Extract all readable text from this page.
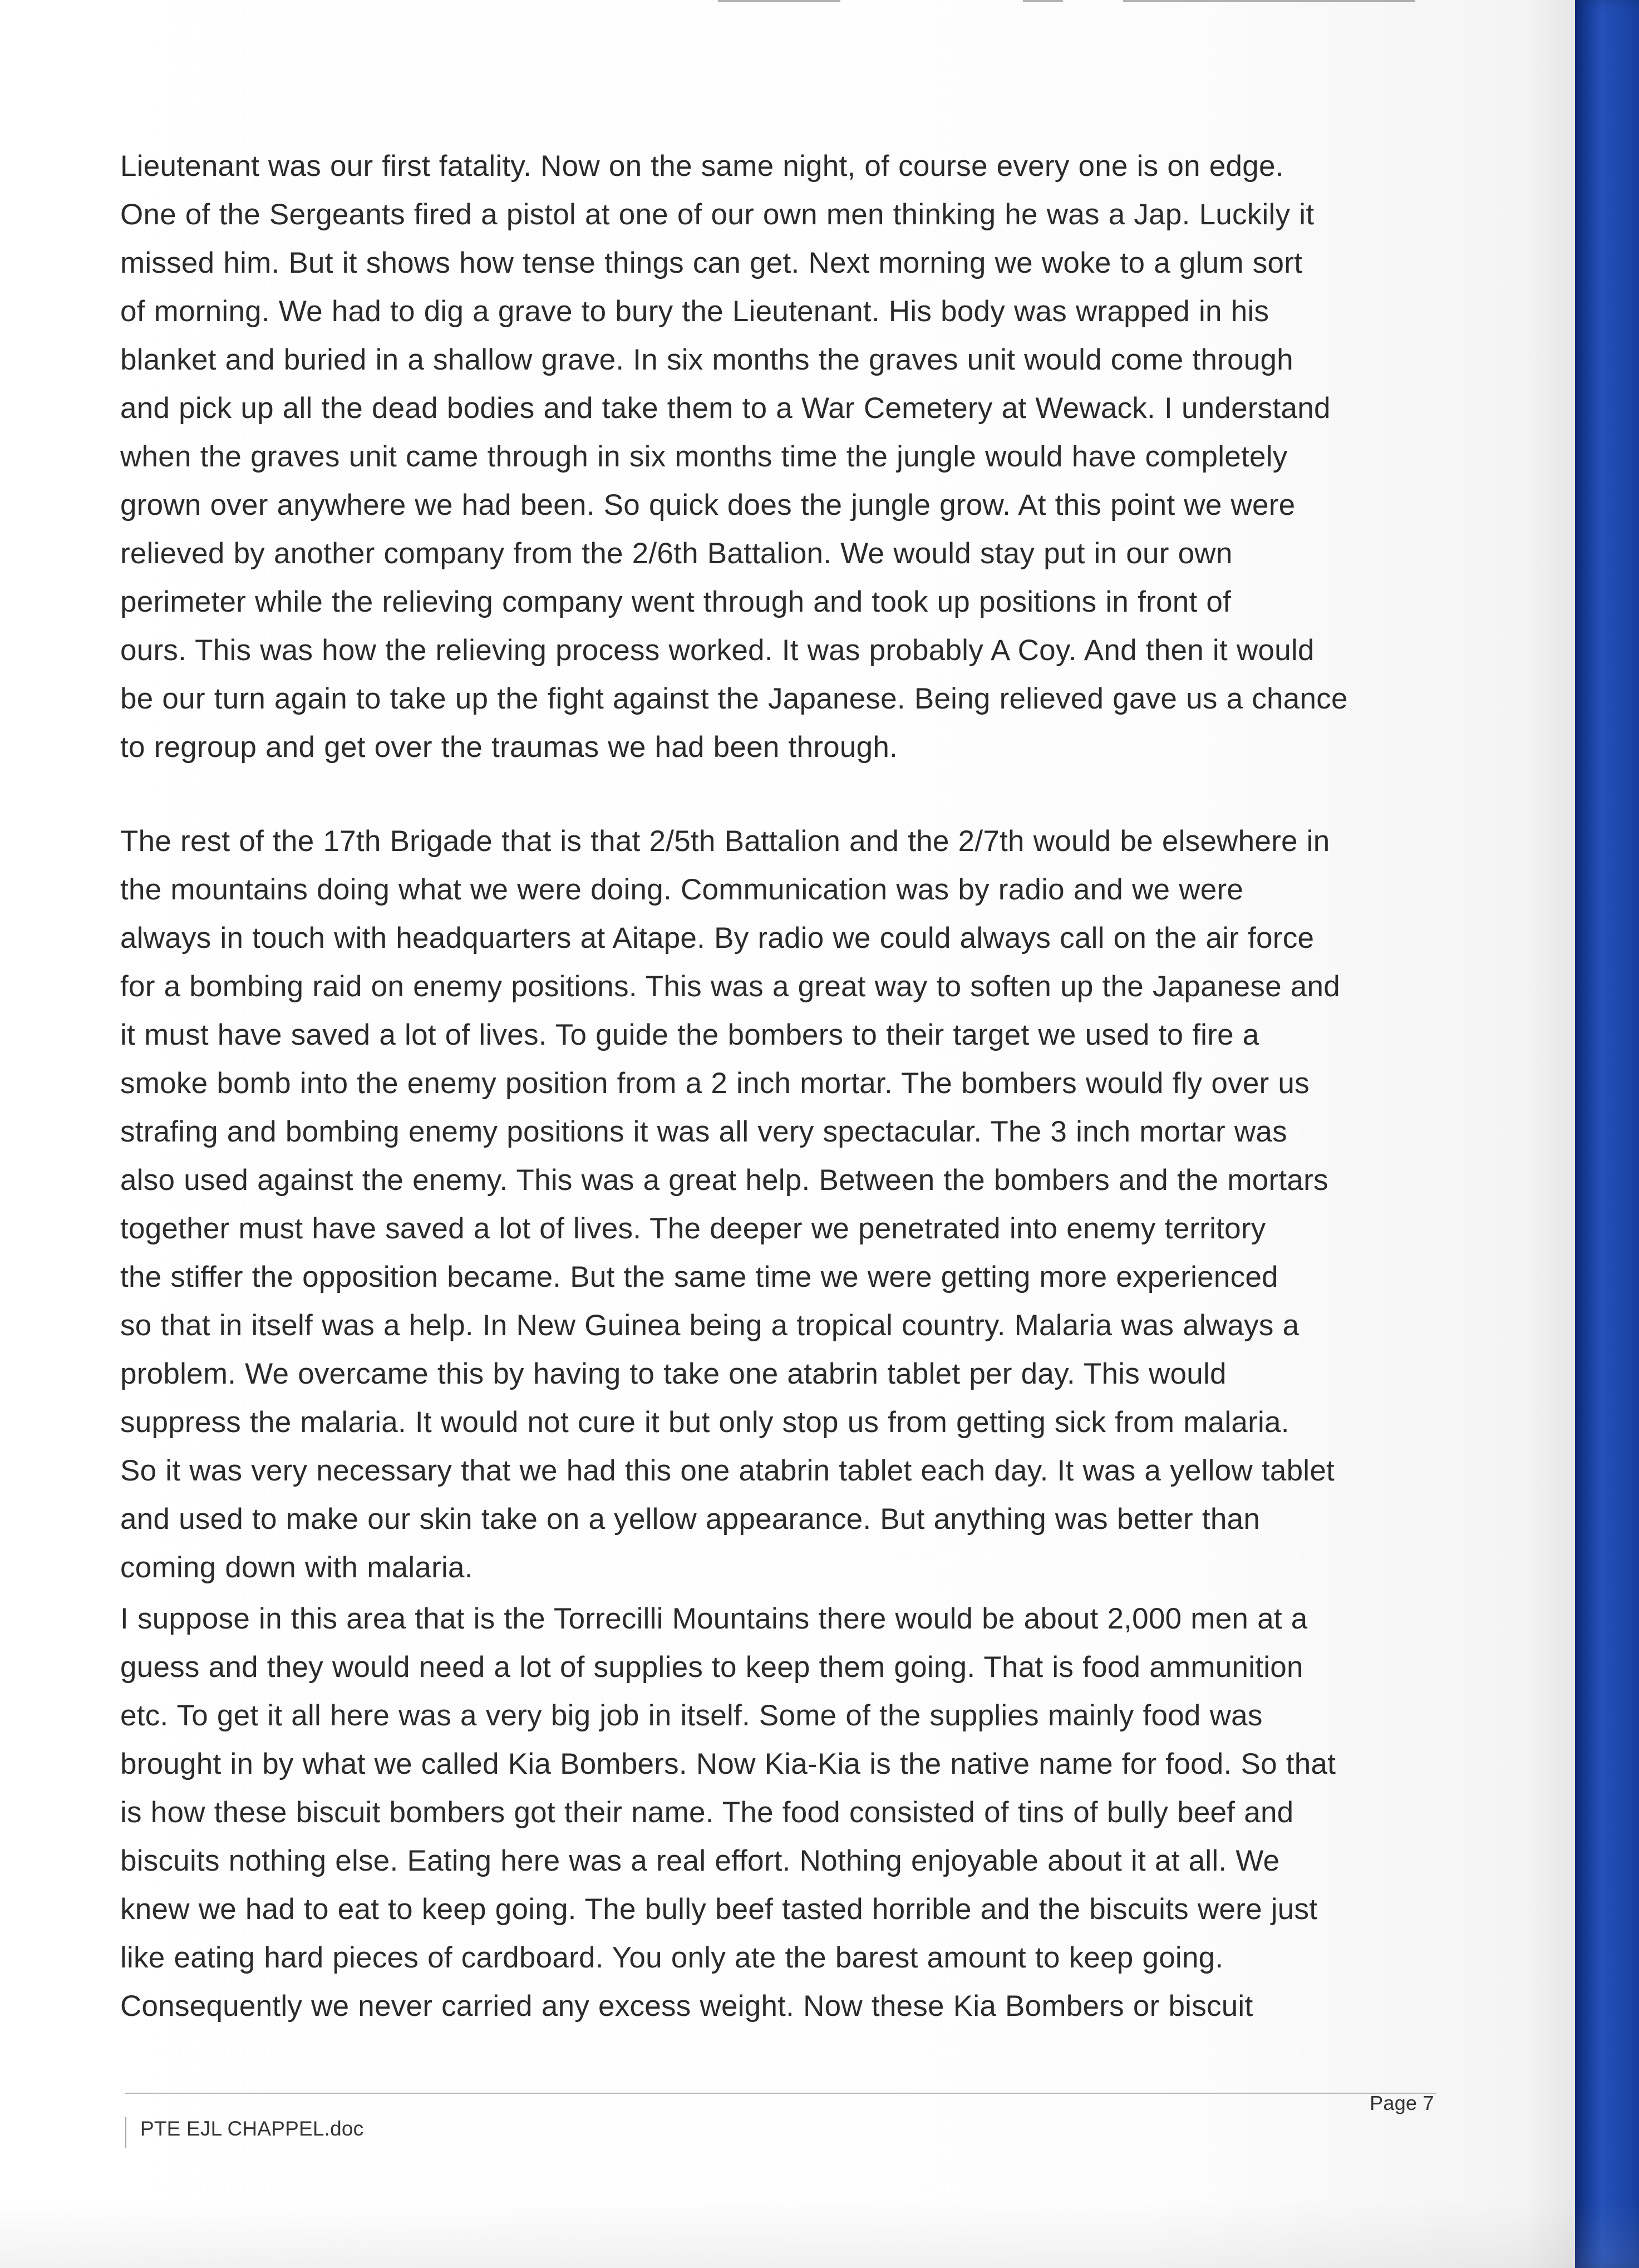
Lieutenant was our first fatality. Now on the same night, of course every one is on edge.
One of the Sergeants fired a pistol at one of our own men thinking he was a Jap. Luckily it
missed him. But it shows how tense things can get. Next morning we woke to a glum sort
of morning. We had to dig a grave to bury the Lieutenant. His body was wrapped in his
blanket and buried in a shallow grave. In six months the graves unit would come through
and pick up all the dead bodies and take them to a War Cemetery at Wewack. I understand
when the graves unit came through in six months time the jungle would have completely
grown over anywhere we had been. So quick does the jungle grow. At this point we were
relieved by another company from the 2/6th Battalion. We would stay put in our own
perimeter while the relieving company went through and took up positions in front of
ours. This was how the relieving process worked. It was probably A Coy. And then it would
be our turn again to take up the fight against the Japanese. Being relieved gave us a chance
to regroup and get over the traumas we had been through.
The rest of the 17th Brigade that is that 2/5th Battalion and the 2/7th would be elsewhere in
the mountains doing what we were doing. Communication was by radio and we were
always in touch with headquarters at Aitape. By radio we could always call on the air force
for a bombing raid on enemy positions. This was a great way to soften up the Japanese and
it must have saved a lot of lives. To guide the bombers to their target we used to fire a
smoke bomb into the enemy position from a 2 inch mortar. The bombers would fly over us
strafing and bombing enemy positions it was all very spectacular. The 3 inch mortar was
also used against the enemy. This was a great help. Between the bombers and the mortars
together must have saved a lot of lives. The deeper we penetrated into enemy territory
the stiffer the opposition became. But the same time we were getting more experienced
so that in itself was a help. In New Guinea being a tropical country. Malaria was always a
problem. We overcame this by having to take one atabrin tablet per day. This would
suppress the malaria. It would not cure it but only stop us from getting sick from malaria.
So it was very necessary that we had this one atabrin tablet each day. It was a yellow tablet
and used to make our skin take on a yellow appearance. But anything was better than
coming down with malaria.
I suppose in this area that is the Torrecilli Mountains there would be about 2,000 men at a
guess and they would need a lot of supplies to keep them going. That is food ammunition
etc. To get it all here was a very big job in itself. Some of the supplies mainly food was
brought in by what we called Kia Bombers. Now Kia-Kia is the native name for food. So that
is how these biscuit bombers got their name. The food consisted of tins of bully beef and
biscuits nothing else. Eating here was a real effort. Nothing enjoyable about it at all. We
knew we had to eat to keep going. The bully beef tasted horrible and the biscuits were just
like eating hard pieces of cardboard. You only ate the barest amount to keep going.
Consequently we never carried any excess weight. Now these Kia Bombers or biscuit
PTE EJL CHAPPEL.doc
Page 7
